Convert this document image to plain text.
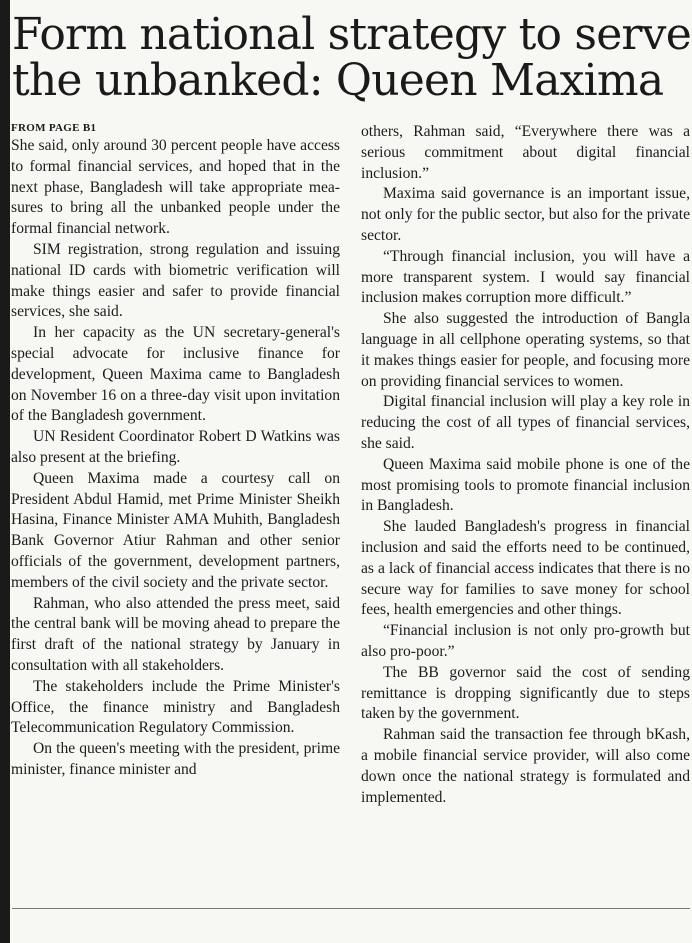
Form national strategy to serve
the unbanked: Queen Maxima
FROM PAGE B1

She said, only around 30 percent people have access to formal financial services, and hoped that in the next phase, Bangladesh will take appropriate measures to bring all the unbanked people under the formal financial network.

SIM registration, strong regulation and issuing national ID cards with biometric verification will make things easier and safer to provide financial services, she said.

In her capacity as the UN secretary-general's special advocate for inclusive finance for development, Queen Maxima came to Bangladesh on November 16 on a three-day visit upon invitation of the Bangladesh government.

UN Resident Coordinator Robert D Watkins was also present at the briefing.

Queen Maxima made a courtesy call on President Abdul Hamid, met Prime Minister Sheikh Hasina, Finance Minister AMA Muhith, Bangladesh Bank Governor Atiur Rahman and other senior officials of the government, development partners, members of the civil society and the private sector.

Rahman, who also attended the press meet, said the central bank will be moving ahead to prepare the first draft of the national strategy by January in consultation with all stakeholders.

The stakeholders include the Prime Minister's Office, the finance ministry and Bangladesh Telecommunication Regulatory Commission.

On the queen's meeting with the president, prime minister, finance minister and

others, Rahman said, “Everywhere there was a serious commitment about digital financial inclusion.”

Maxima said governance is an important issue, not only for the public sector, but also for the private sector.

“Through financial inclusion, you will have a more transparent system. I would say financial inclusion makes corruption more difficult.”

She also suggested the introduction of Bangla language in all cellphone operating systems, so that it makes things easier for people, and focusing more on providing financial services to women.

Digital financial inclusion will play a key role in reducing the cost of all types of financial services, she said.

Queen Maxima said mobile phone is one of the most promising tools to promote financial inclusion in Bangladesh.

She lauded Bangladesh's progress in financial inclusion and said the efforts need to be continued, as a lack of financial access indicates that there is no secure way for families to save money for school fees, health emergencies and other things.

“Financial inclusion is not only pro-growth but also pro-poor.”

The BB governor said the cost of sending remittance is dropping significantly due to steps taken by the government.

Rahman said the transaction fee through bKash, a mobile financial service provider, will also come down once the national strategy is formulated and implemented.
